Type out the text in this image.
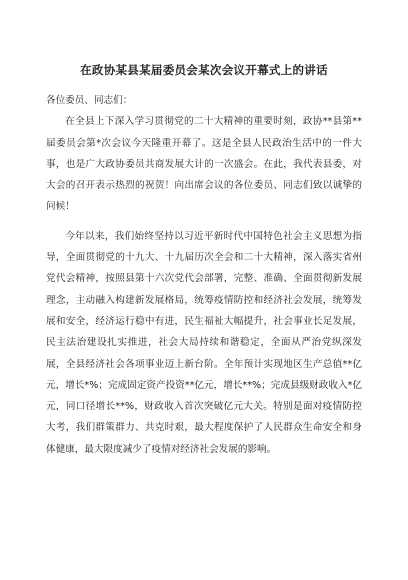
在政协某县某届委员会某次会议开幕式上的讲话

各位委员、同志们：

在全县上下深入学习贯彻党的二十大精神的重要时刻，政协**县第**届委员会第*次会议今天隆重开幕了。这是全县人民政治生活中的一件大事，也是广大政协委员共商发展大计的一次盛会。在此，我代表县委，对大会的召开表示热烈的祝贺！向出席会议的各位委员、同志们致以诚挚的问候！

今年以来，我们始终坚持以习近平新时代中国特色社会主义思想为指导，全面贯彻党的十九大、十九届历次全会和二十大精神，深入落实省州党代会精神，按照县第十六次党代会部署，完整、准确、全面贯彻新发展理念，主动融入构建新发展格局，统筹疫情防控和经济社会发展，统筹发展和安全，经济运行稳中有进，民生福祉大幅提升，社会事业长足发展，民主法治建设扎实推进，社会大局持续和谐稳定，全面从严治党纵深发展，全县经济社会各项事业迈上新台阶。全年预计实现地区生产总值**亿元，增长*%；完成固定资产投资**亿元，增长**%；完成县级财政收入*亿元，同口径增长**%，财政收入首次突破亿元大关。特别是面对疫情防控大考，我们群策群力、共克时艰，最大程度保护了人民群众生命安全和身体健康，最大限度减少了疫情对经济社会发展的影响。
